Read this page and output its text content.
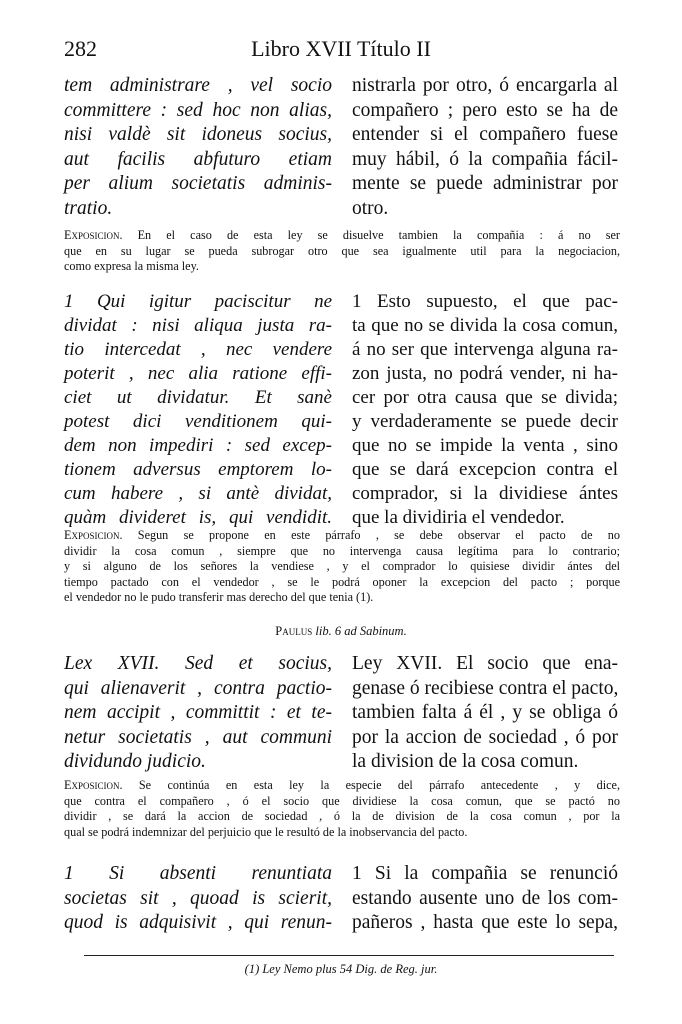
282	Libro XVII Título II
tem administrare , vel socio
committere : sed hoc non alias,
nisi valdè sit idoneus socius,
aut facilis abfuturo etiam
per alium societatis adminis-
tratio.
nistrarla por otro, ó encargarla al
compañero ; pero esto se ha de
entender si el compañero fuese
muy hábil, ó la compañia fácil-
mente se puede administrar por
otro.
Exposicion. En el caso de esta ley se disuelve tambien la compañia : á no ser
que en su lugar se pueda subrogar otro que sea igualmente util para la negociacion,
como expresa la misma ley.
1 Qui igitur paciscitur ne
dividat : nisi aliqua justa ra-
tio intercedat , nec vendere
poterit , nec alia ratione effi-
ciet ut dividatur. Et sanè
potest dici venditionem qui-
dem non impediri : sed excep-
tionem adversus emptorem lo-
cum habere , si antè dividat,
quàm divideret is, qui vendidit.
1 Esto supuesto, el que pac-
ta que no se divida la cosa comun,
á no ser que intervenga alguna ra-
zon justa, no podrá vender, ni ha-
cer por otra causa que se divida;
y verdaderamente se puede decir
que no se impide la venta , sino
que se dará excepcion contra el
comprador, si la dividiese ántes
que la dividiria el vendedor.
Exposicion. Segun se propone en este párrafo , se debe observar el pacto de no
dividir la cosa comun , siempre que no intervenga causa legítima para lo contrario;
y si alguno de los señores la vendiese , y el comprador lo quisiese dividir ántes del
tiempo pactado con el vendedor , se le podrá oponer la excepcion del pacto ; porque
el vendedor no le pudo transferir mas derecho del que tenia (1).
Paulus lib. 6 ad Sabinum.
Lex XVII. Sed et socius,
qui alienaverit , contra pactio-
nem accipit , committit : et te-
netur societatis , aut communi
dividundo judicio.
Ley XVII. El socio que ena-
genase ó recibiese contra el pacto,
tambien falta á él , y se obliga ó
por la accion de sociedad , ó por
la division de la cosa comun.
Exposicion. Se continúa en esta ley la especie del párrafo antecedente , y dice,
que contra el compañero , ó el socio que dividiese la cosa comun, que se pactó no
dividir , se dará la accion de sociedad , ó la de division de la cosa comun , por la
qual se podrá indemnizar del perjuicio que le resultó de la inobservancia del pacto.
1 Si absenti renuntiata
societas sit , quoad is scierit,
quod is adquisivit , qui renun-
1 Si la compañia se renunció
estando ausente uno de los com-
pañeros , hasta que este lo sepa,
(1) Ley Nemo plus 54 Dig. de Reg. jur.
